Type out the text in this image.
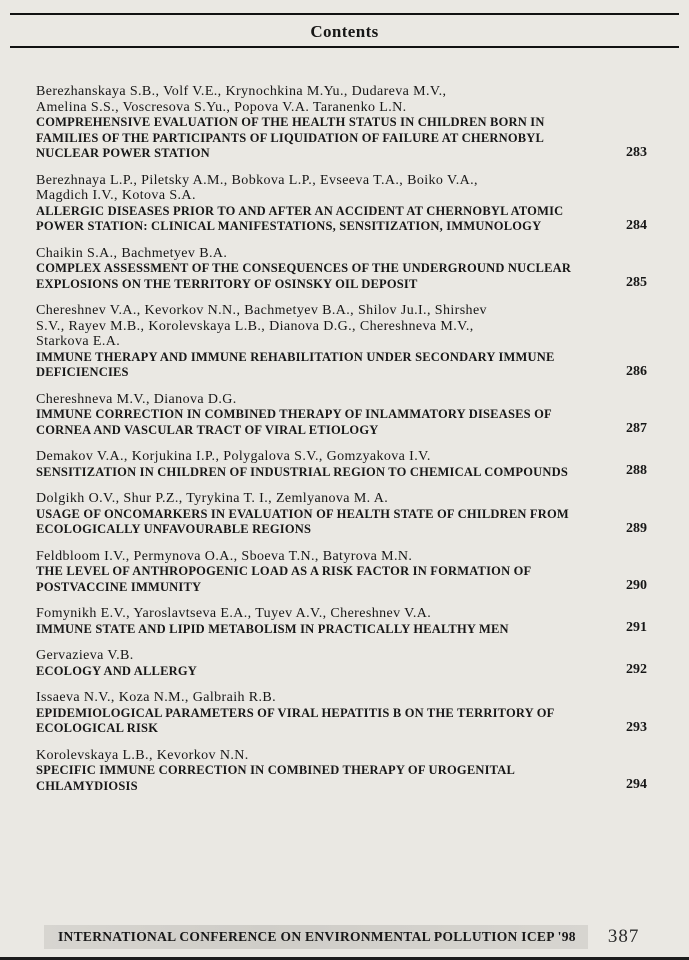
Contents
Berezhanskaya S.B., Volf V.E., Krynochkina M.Yu., Dudareva M.V., Amelina S.S., Voscresova S.Yu., Popova V.A. Taranenko L.N.
COMPREHENSIVE EVALUATION OF THE HEALTH STATUS IN CHILDREN BORN IN FAMILIES OF THE PARTICIPANTS OF LIQUIDATION OF FAILURE AT CHERNOBYL NUCLEAR POWER STATION	283
Berezhnaya L.P., Piletsky A.M., Bobkova L.P., Evseeva T.A., Boiko V.A., Magdich I.V., Kotova S.A.
ALLERGIC DISEASES PRIOR TO AND AFTER AN ACCIDENT AT CHERNOBYL ATOMIC POWER STATION: CLINICAL MANIFESTATIONS, SENSITIZATION, IMMUNOLOGY	284
Chaikin S.A., Bachmetyev B.A.
COMPLEX ASSESSMENT OF THE CONSEQUENCES OF THE UNDERGROUND NUCLEAR EXPLOSIONS ON THE TERRITORY OF OSINSKY OIL DEPOSIT	285
Chereshnev V.A., Kevorkov N.N., Bachmetyev B.A., Shilov Ju.I., Shirshev S.V., Rayev M.B., Korolevskaya L.B., Dianova D.G., Chereshneva M.V., Starkova E.A.
IMMUNE THERAPY AND IMMUNE REHABILITATION UNDER SECONDARY IMMUNE DEFICIENCIES	286
Chereshneva M.V., Dianova D.G.
IMMUNE CORRECTION IN COMBINED THERAPY OF INLAMMATORY DISEASES OF CORNEA AND VASCULAR TRACT OF VIRAL ETIOLOGY	287
Demakov V.A., Korjukina I.P., Polygalova S.V., Gomzyakova I.V.
SENSITIZATION IN CHILDREN OF INDUSTRIAL REGION TO CHEMICAL COMPOUNDS	288
Dolgikh O.V., Shur P.Z., Tyrykina T. I., Zemlyanova M. A.
USAGE OF ONCOMARKERS IN EVALUATION OF HEALTH STATE OF CHILDREN FROM ECOLOGICALLY UNFAVOURABLE REGIONS	289
Feldbloom I.V., Permynova O.A., Sboeva T.N., Batyrova M.N.
THE LEVEL OF ANTHROPOGENIC LOAD AS A RISK FACTOR IN FORMATION OF POSTVACCINE IMMUNITY	290
Fomynikh E.V., Yaroslavtseva E.A., Tuyev A.V., Chereshnev V.A.
IMMUNE STATE AND LIPID METABOLISM IN PRACTICALLY HEALTHY MEN	291
Gervazieva V.B.
ECOLOGY AND ALLERGY	292
Issaeva N.V., Koza N.M., Galbraih R.B.
EPIDEMIOLOGICAL PARAMETERS OF VIRAL HEPATITIS B ON THE TERRITORY OF ECOLOGICAL RISK	293
Korolevskaya L.B., Kevorkov N.N.
SPECIFIC IMMUNE CORRECTION IN COMBINED THERAPY OF UROGENITAL CHLAMYDIOSIS	294
INTERNATIONAL CONFERENCE ON ENVIRONMENTAL POLLUTION ICEP '98	387
